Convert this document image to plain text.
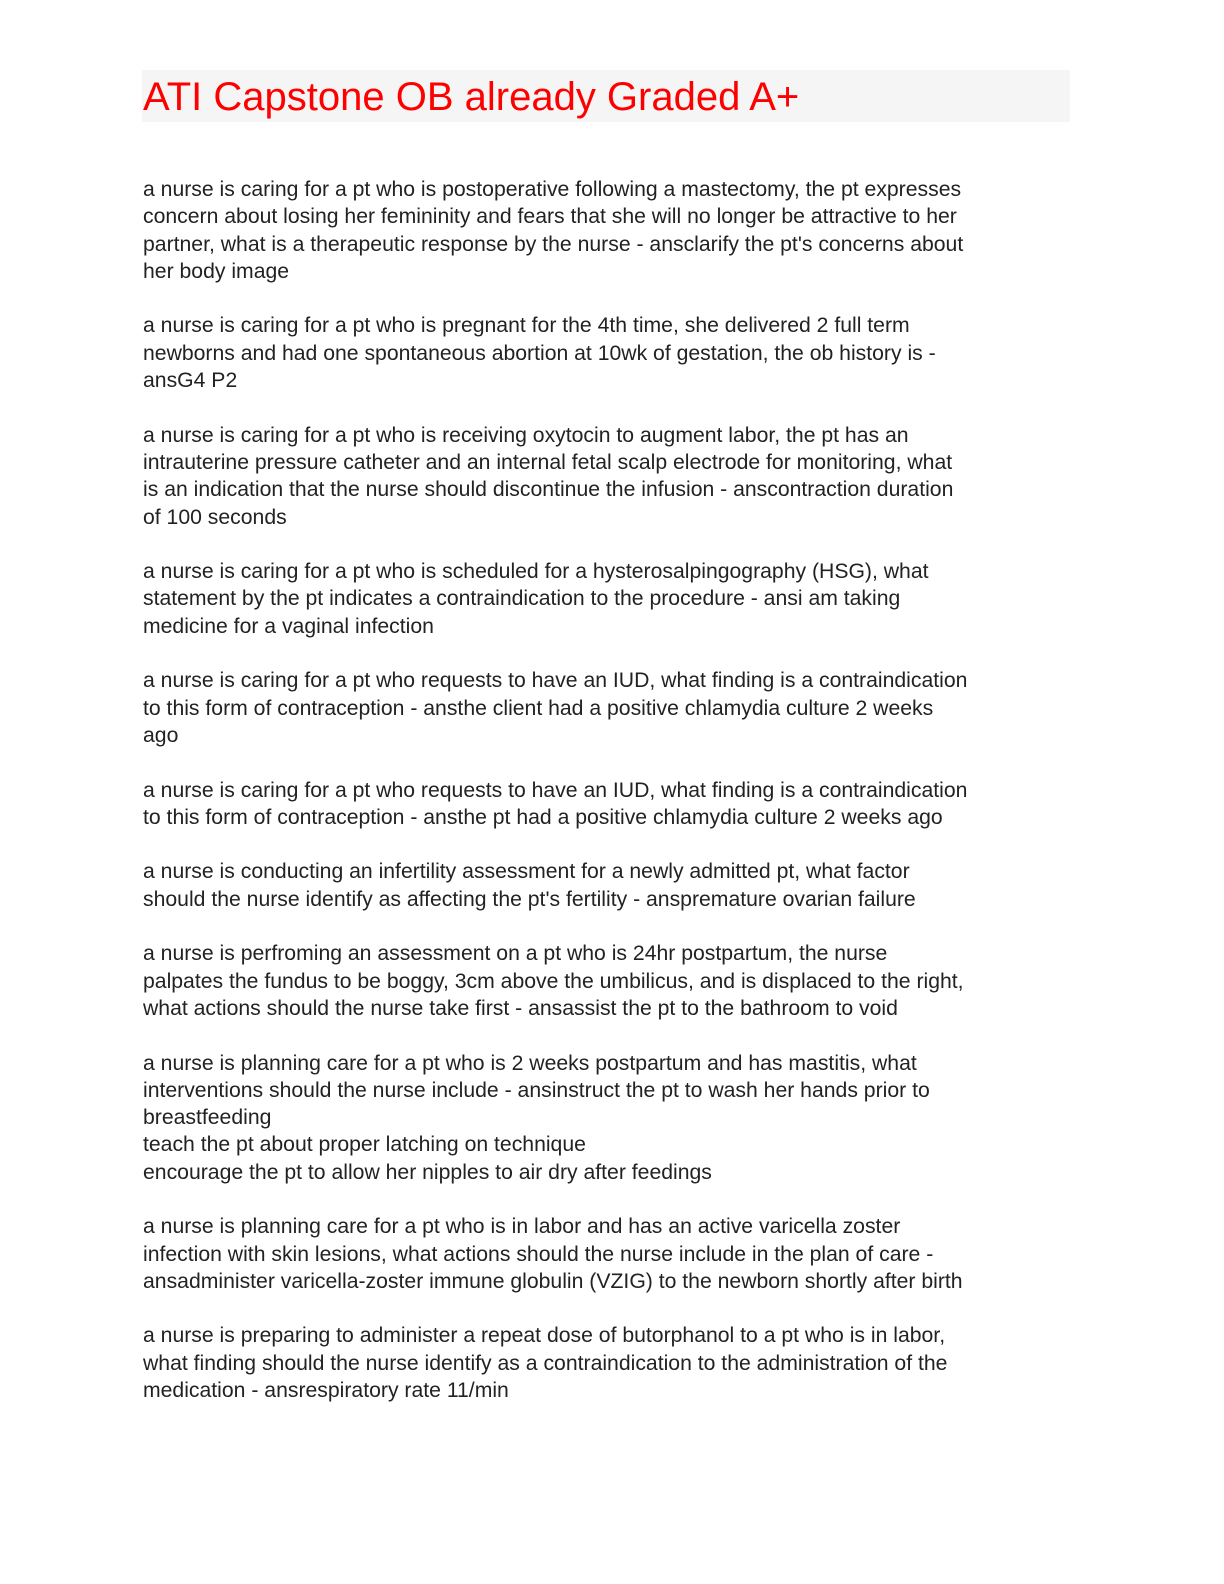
ATI Capstone OB already Graded A+

a nurse is caring for a pt who is postoperative following a mastectomy, the pt expresses
concern about losing her femininity and fears that she will no longer be attractive to her
partner, what is a therapeutic response by the nurse - ansclarify the pt's concerns about
her body image

a nurse is caring for a pt who is pregnant for the 4th time, she delivered 2 full term
newborns and had one spontaneous abortion at 10wk of gestation, the ob history is -
ansG4 P2

a nurse is caring for a pt who is receiving oxytocin to augment labor, the pt has an
intrauterine pressure catheter and an internal fetal scalp electrode for monitoring, what
is an indication that the nurse should discontinue the infusion - anscontraction duration
of 100 seconds

a nurse is caring for a pt who is scheduled for a hysterosalpingography (HSG), what
statement by the pt indicates a contraindication to the procedure - ansi am taking
medicine for a vaginal infection

a nurse is caring for a pt who requests to have an IUD, what finding is a contraindication
to this form of contraception - ansthe client had a positive chlamydia culture 2 weeks
ago

a nurse is caring for a pt who requests to have an IUD, what finding is a contraindication
to this form of contraception - ansthe pt had a positive chlamydia culture 2 weeks ago

a nurse is conducting an infertility assessment for a newly admitted pt, what factor
should the nurse identify as affecting the pt's fertility - anspremature ovarian failure

a nurse is perfroming an assessment on a pt who is 24hr postpartum, the nurse
palpates the fundus to be boggy, 3cm above the umbilicus, and is displaced to the right,
what actions should the nurse take first - ansassist the pt to the bathroom to void

a nurse is planning care for a pt who is 2 weeks postpartum and has mastitis, what
interventions should the nurse include - ansinstruct the pt to wash her hands prior to
breastfeeding
teach the pt about proper latching on technique
encourage the pt to allow her nipples to air dry after feedings

a nurse is planning care for a pt who is in labor and has an active varicella zoster
infection with skin lesions, what actions should the nurse include in the plan of care -
ansadminister varicella-zoster immune globulin (VZIG) to the newborn shortly after birth

a nurse is preparing to administer a repeat dose of butorphanol to a pt who is in labor,
what finding should the nurse identify as a contraindication to the administration of the
medication - ansrespiratory rate 11/min
